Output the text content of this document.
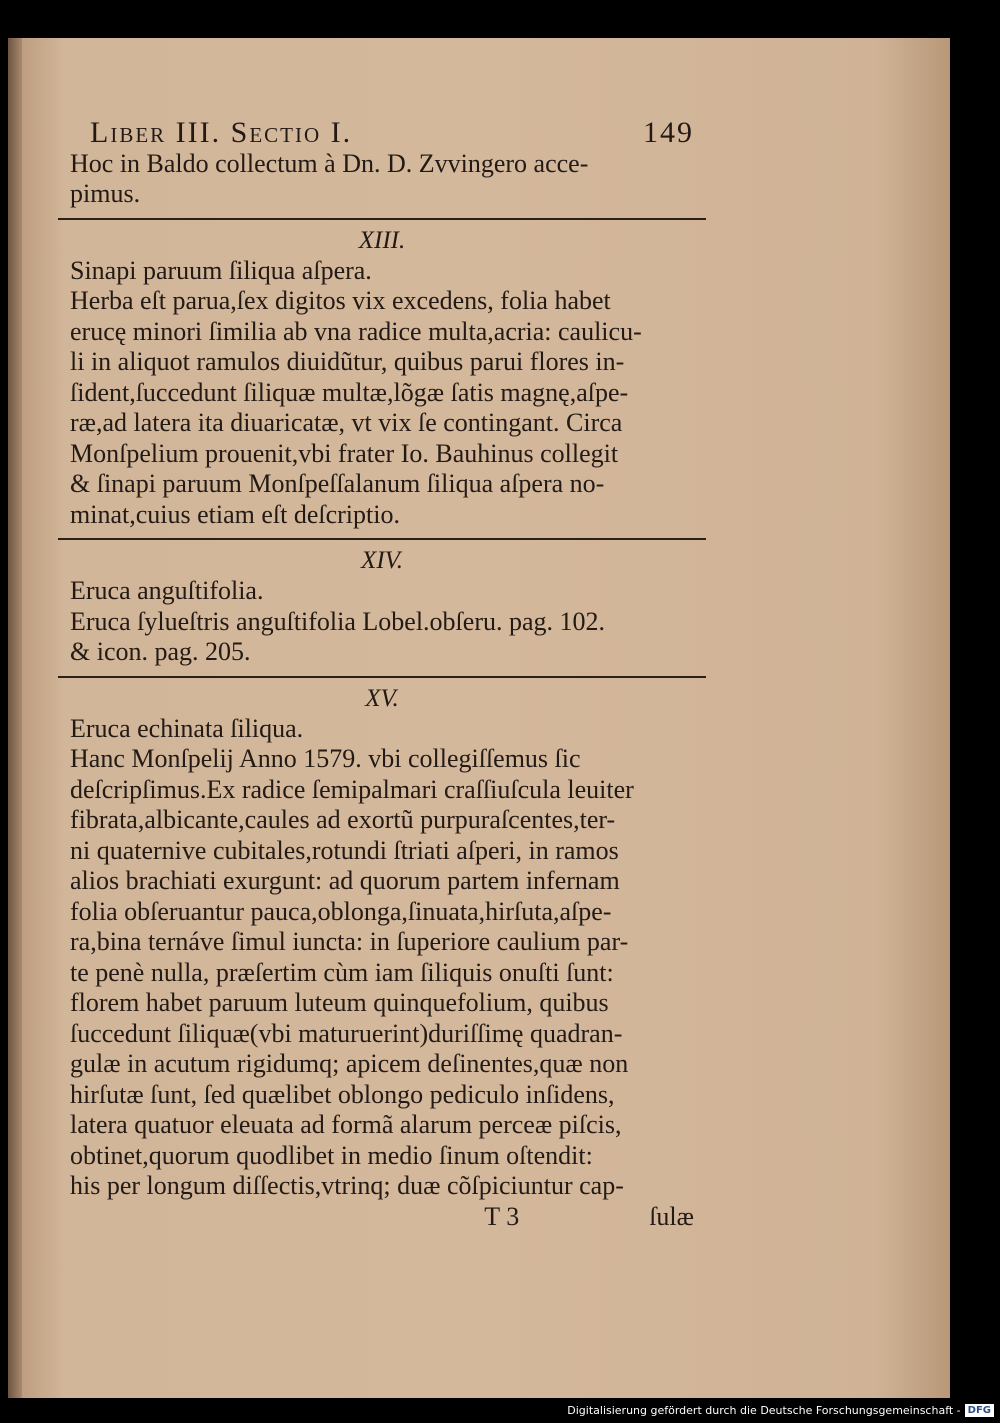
Liber III. Sectio I.	149
Hoc in Baldo collectum à Dn. D. Zvvingero acce-
pimus.
XIII.
Sinapi paruum ſiliqua aſpera.
Herba eſt parua,ſex digitos vix excedens, folia habet
erucę minori ſimilia ab vna radice multa,acria: caulicu-
li in aliquot ramulos diuidũtur, quibus parui flores in-
ſident,ſuccedunt ſiliquæ multæ,lõgæ ſatis magnę,aſpe-
ræ,ad latera ita diuaricatæ, vt vix ſe contingant. Circa
Monſpelium prouenit,vbi frater Io. Bauhinus collegit
& ſinapi paruum Monſpeſſalanum ſiliqua aſpera no-
minat,cuius etiam eſt deſcriptio.
XIV.
Eruca anguſtifolia.
Eruca ſylueſtris anguſtifolia Lobel.obſeru. pag. 102.
& icon. pag. 205.
XV.
Eruca echinata ſiliqua.
Hanc Monſpelij Anno 1579. vbi collegiſſemus ſic
deſcripſimus.Ex radice ſemipalmari craſſiuſcula leuiter
fibrata,albicante,caules ad exortũ purpuraſcentes,ter-
ni quaternive cubitales,rotundi ſtriati aſperi, in ramos
alios brachiati exurgunt: ad quorum partem infernam
folia obſeruantur pauca,oblonga,ſinuata,hirſuta,aſpe-
ra,bina ternáve ſimul iuncta: in ſuperiore caulium par-
te penè nulla, præſertim cùm iam ſiliquis onuſti ſunt:
florem habet paruum luteum quinquefolium, quibus
ſuccedunt ſiliquæ(vbi maturuerint)duriſſimę quadran-
gulæ in acutum rigidumq; apicem deſinentes,quæ non
hirſutæ ſunt, ſed quælibet oblongo pediculo inſidens,
latera quatuor eleuata ad formã alarum perceæ piſcis,
obtinet,quorum quodlibet in medio ſinum oſtendit:
his per longum diſſectis,vtrinq; duæ cõſpiciuntur cap-
T 3	ſulæ
Digitalisierung gefördert durch die Deutsche Forschungsgemeinschaft - DFG
